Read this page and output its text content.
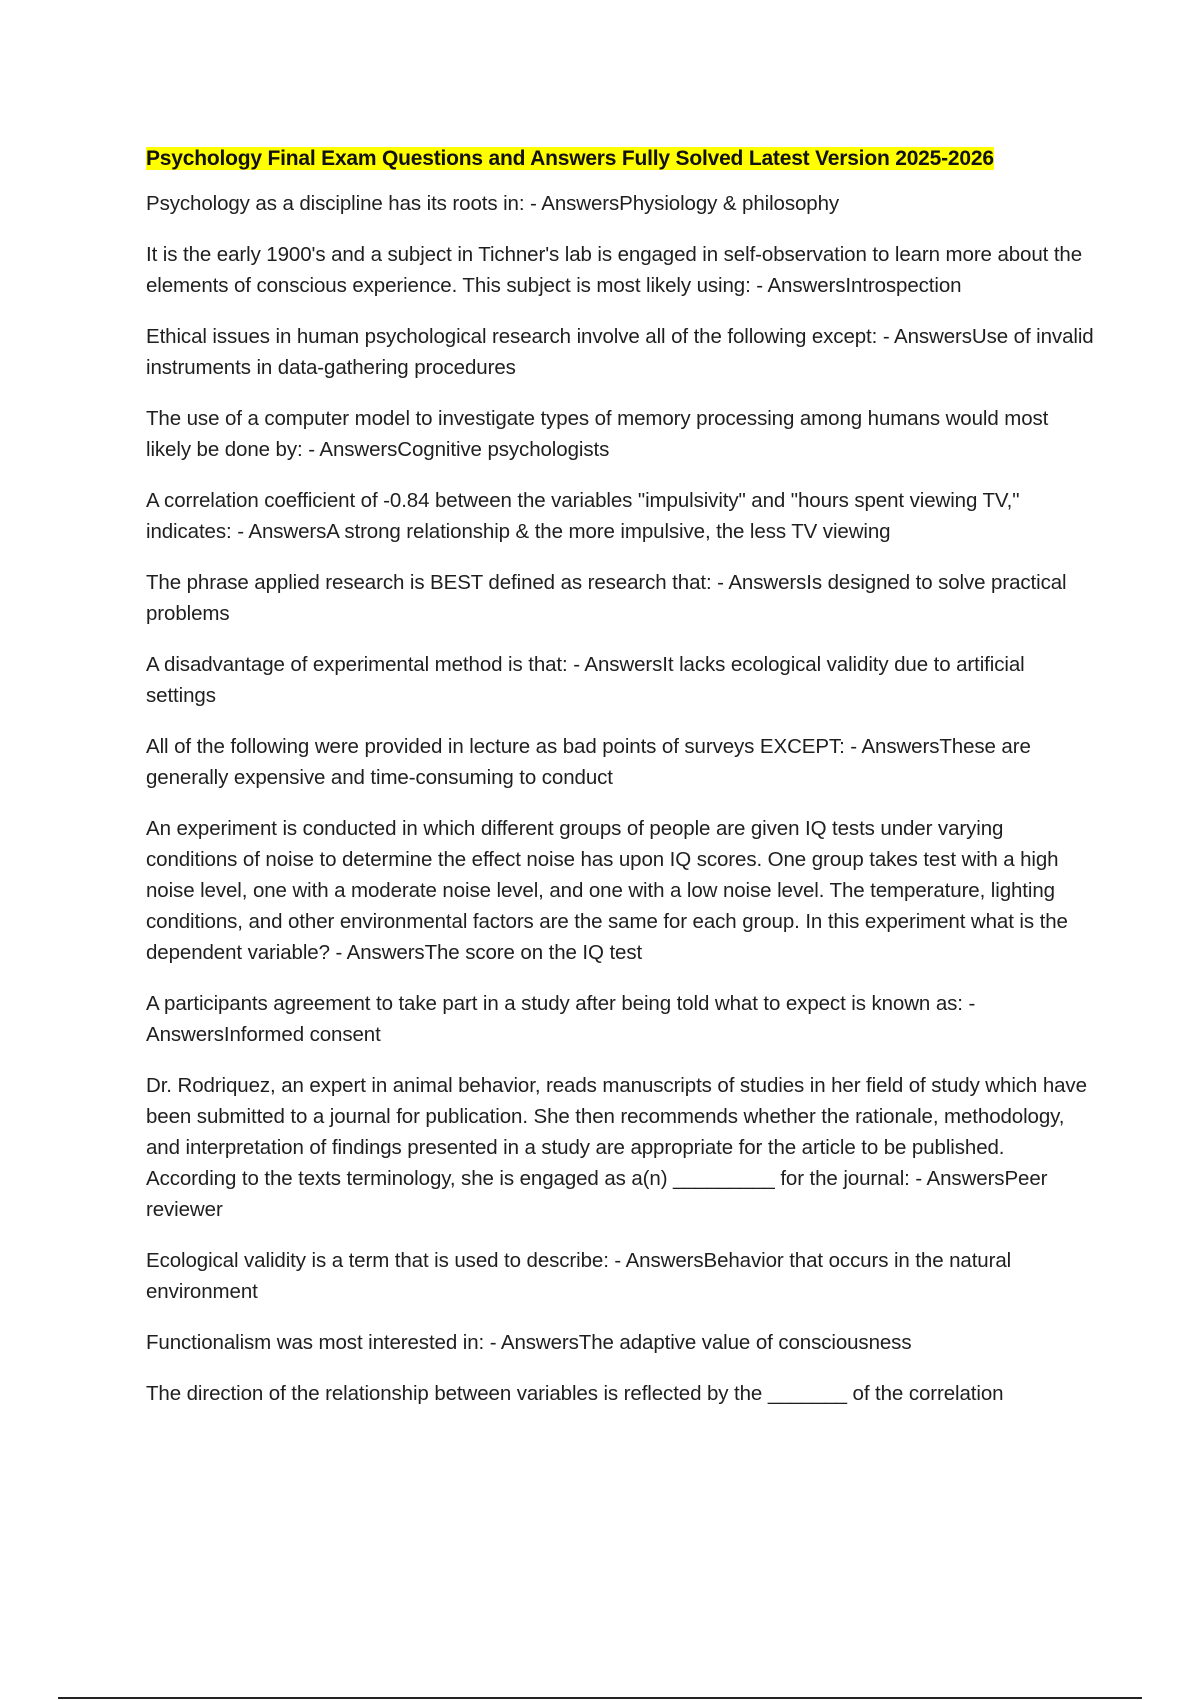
Psychology Final Exam Questions and Answers Fully Solved Latest Version 2025-2026

Psychology as a discipline has its roots in: - AnswersPhysiology & philosophy

It is the early 1900's and a subject in Tichner's lab is engaged in self-observation to learn more about the elements of conscious experience. This subject is most likely using: - AnswersIntrospection

Ethical issues in human psychological research involve all of the following except: - AnswersUse of invalid instruments in data-gathering procedures

The use of a computer model to investigate types of memory processing among humans would most likely be done by: - AnswersCognitive psychologists

A correlation coefficient of -0.84 between the variables "impulsivity" and "hours spent viewing TV," indicates: - AnswersA strong relationship & the more impulsive, the less TV viewing

The phrase applied research is BEST defined as research that: - AnswersIs designed to solve practical problems

A disadvantage of experimental method is that: - AnswersIt lacks ecological validity due to artificial settings

All of the following were provided in lecture as bad points of surveys EXCEPT: - AnswersThese are generally expensive and time-consuming to conduct

An experiment is conducted in which different groups of people are given IQ tests under varying conditions of noise to determine the effect noise has upon IQ scores. One group takes test with a high noise level, one with a moderate noise level, and one with a low noise level. The temperature, lighting conditions, and other environmental factors are the same for each group. In this experiment what is the dependent variable? - AnswersThe score on the IQ test

A participants agreement to take part in a study after being told what to expect is known as: - AnswersInformed consent

Dr. Rodriquez, an expert in animal behavior, reads manuscripts of studies in her field of study which have been submitted to a journal for publication. She then recommends whether the rationale, methodology, and interpretation of findings presented in a study are appropriate for the article to be published. According to the texts terminology, she is engaged as a(n) _________ for the journal: - AnswersPeer reviewer

Ecological validity is a term that is used to describe: - AnswersBehavior that occurs in the natural environment

Functionalism was most interested in: - AnswersThe adaptive value of consciousness

The direction of the relationship between variables is reflected by the _______ of the correlation
